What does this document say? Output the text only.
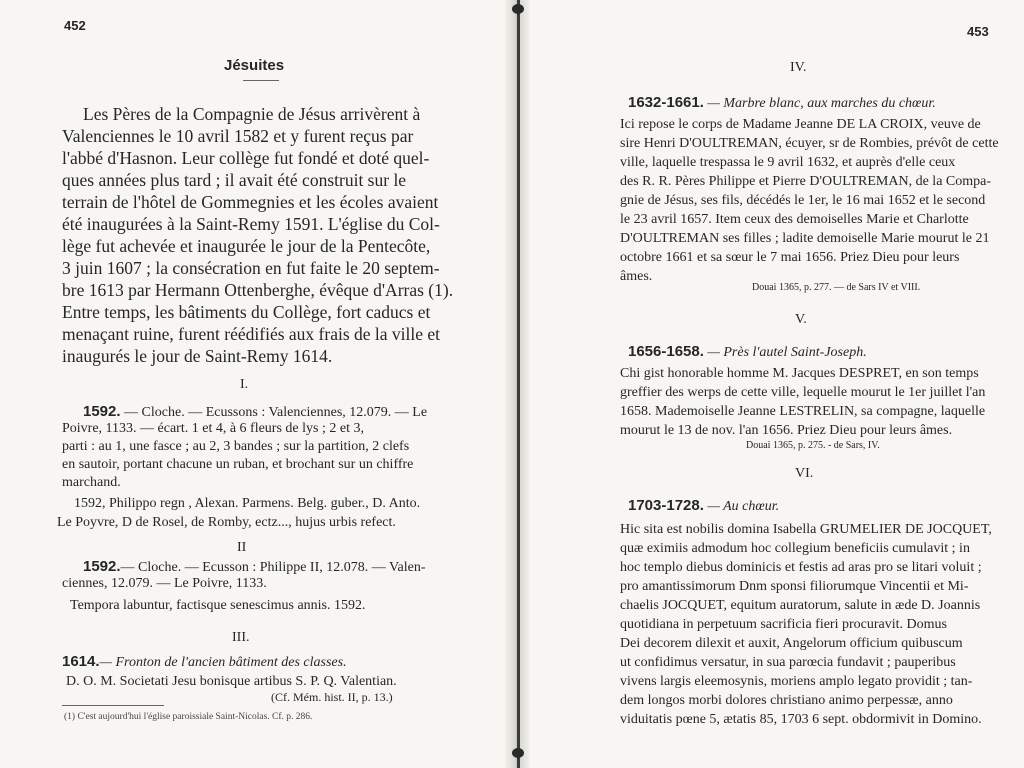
452
Jésuites
Les Pères de la Compagnie de Jésus arrivèrent à
Valenciennes le 10 avril 1582 et y furent reçus par
l'abbé d'Hasnon. Leur collège fut fondé et doté quel-
ques années plus tard ; il avait été construit sur le
terrain de l'hôtel de Gommegnies et les écoles avaient
été inaugurées à la Saint-Remy 1591. L'église du Col-
lège fut achevée et inaugurée le jour de la Pentecôte,
3 juin 1607 ; la consécration en fut faite le 20 septem-
bre 1613 par Hermann Ottenberghe, évêque d'Arras (1).
Entre temps, les bâtiments du Collège, fort caducs et
menaçant ruine, furent réédifiés aux frais de la ville et
inaugurés le jour de Saint-Remy 1614.
I.
1592. — Cloche. — Ecussons : Valenciennes, 12.079. — Le
Poivre, 1133. — écart. 1 et 4, à 6 fleurs de lys ; 2 et 3,
parti : au 1, une fasce ; au 2, 3 bandes ; sur la partition, 2 clefs
en sautoir, portant chacune un ruban, et brochant sur un chiffre
marchand.
1592, Philippo regn , Alexan. Parmens. Belg. guber., D. Anto.
Le Poyvre, D de Rosel, de Romby, ectz..., hujus urbis refect.
II
1592.— Cloche. — Ecusson : Philippe II, 12.078. — Valen-
ciennes, 12.079. — Le Poivre, 1133.
Tempora labuntur, factisque senescimus annis. 1592.
III.
1614.— Fronton de l'ancien bâtiment des classes.
D. O. M. Societati Jesu bonisque artibus S. P. Q. Valentian.
(Cf. Mém. hist. II, p. 13.)
(1) C'est aujourd'hui l'église paroissiale Saint-Nicolas. Cf. p. 286.
453
IV.
1632-1661. — Marbre blanc, aux marches du chœur.
Ici repose le corps de Madame Jeanne DE LA CROIX, veuve de
sire Henri D'OULTREMAN, écuyer, sr de Rombies, prévôt de cette
ville, laquelle trespassa le 9 avril 1632, et auprès d'elle ceux
des R. R. Pères Philippe et Pierre D'OULTREMAN, de la Compa-
gnie de Jésus, ses fils, décédés le 1er, le 16 mai 1652 et le second
le 23 avril 1657. Item ceux des demoiselles Marie et Charlotte
D'OULTREMAN ses filles ; ladite demoiselle Marie mourut le 21
octobre 1661 et sa sœur le 7 mai 1656. Priez Dieu pour leurs
âmes.
Douai 1365, p. 277. — de Sars IV et VIII.
V.
1656-1658. — Près l'autel Saint-Joseph.
Chi gist honorable homme M. Jacques DESPRET, en son temps
greffier des werps de cette ville, lequelle mourut le 1er juillet l'an
1658. Mademoiselle Jeanne LESTRELIN, sa compagne, laquelle
mourut le 13 de nov. l'an 1656. Priez Dieu pour leurs âmes.
Douai 1365, p. 275. - de Sars, IV.
VI.
1703-1728. — Au chœur.
Hic sita est nobilis domina Isabella GRUMELIER DE JOCQUET,
quæ eximiis admodum hoc collegium beneficiis cumulavit ; in
hoc templo diebus dominicis et festis ad aras pro se litari voluit ;
pro amantissimorum Dnm sponsi filiorumque Vincentii et Mi-
chaelis JOCQUET, equitum auratorum, salute in æde D. Joannis
quotidiana in perpetuum sacrificia fieri procuravit. Domus
Dei decorem dilexit et auxit, Angelorum officium quibuscum
ut confidimus versatur, in sua parœcia fundavit ; pauperibus
vivens largis eleemosynis, moriens amplo legato providit ; tan-
dem longos morbi dolores christiano animo perpessæ, anno
viduitatis pœne 5, ætatis 85, 1703 6 sept. obdormivit in Domino.
